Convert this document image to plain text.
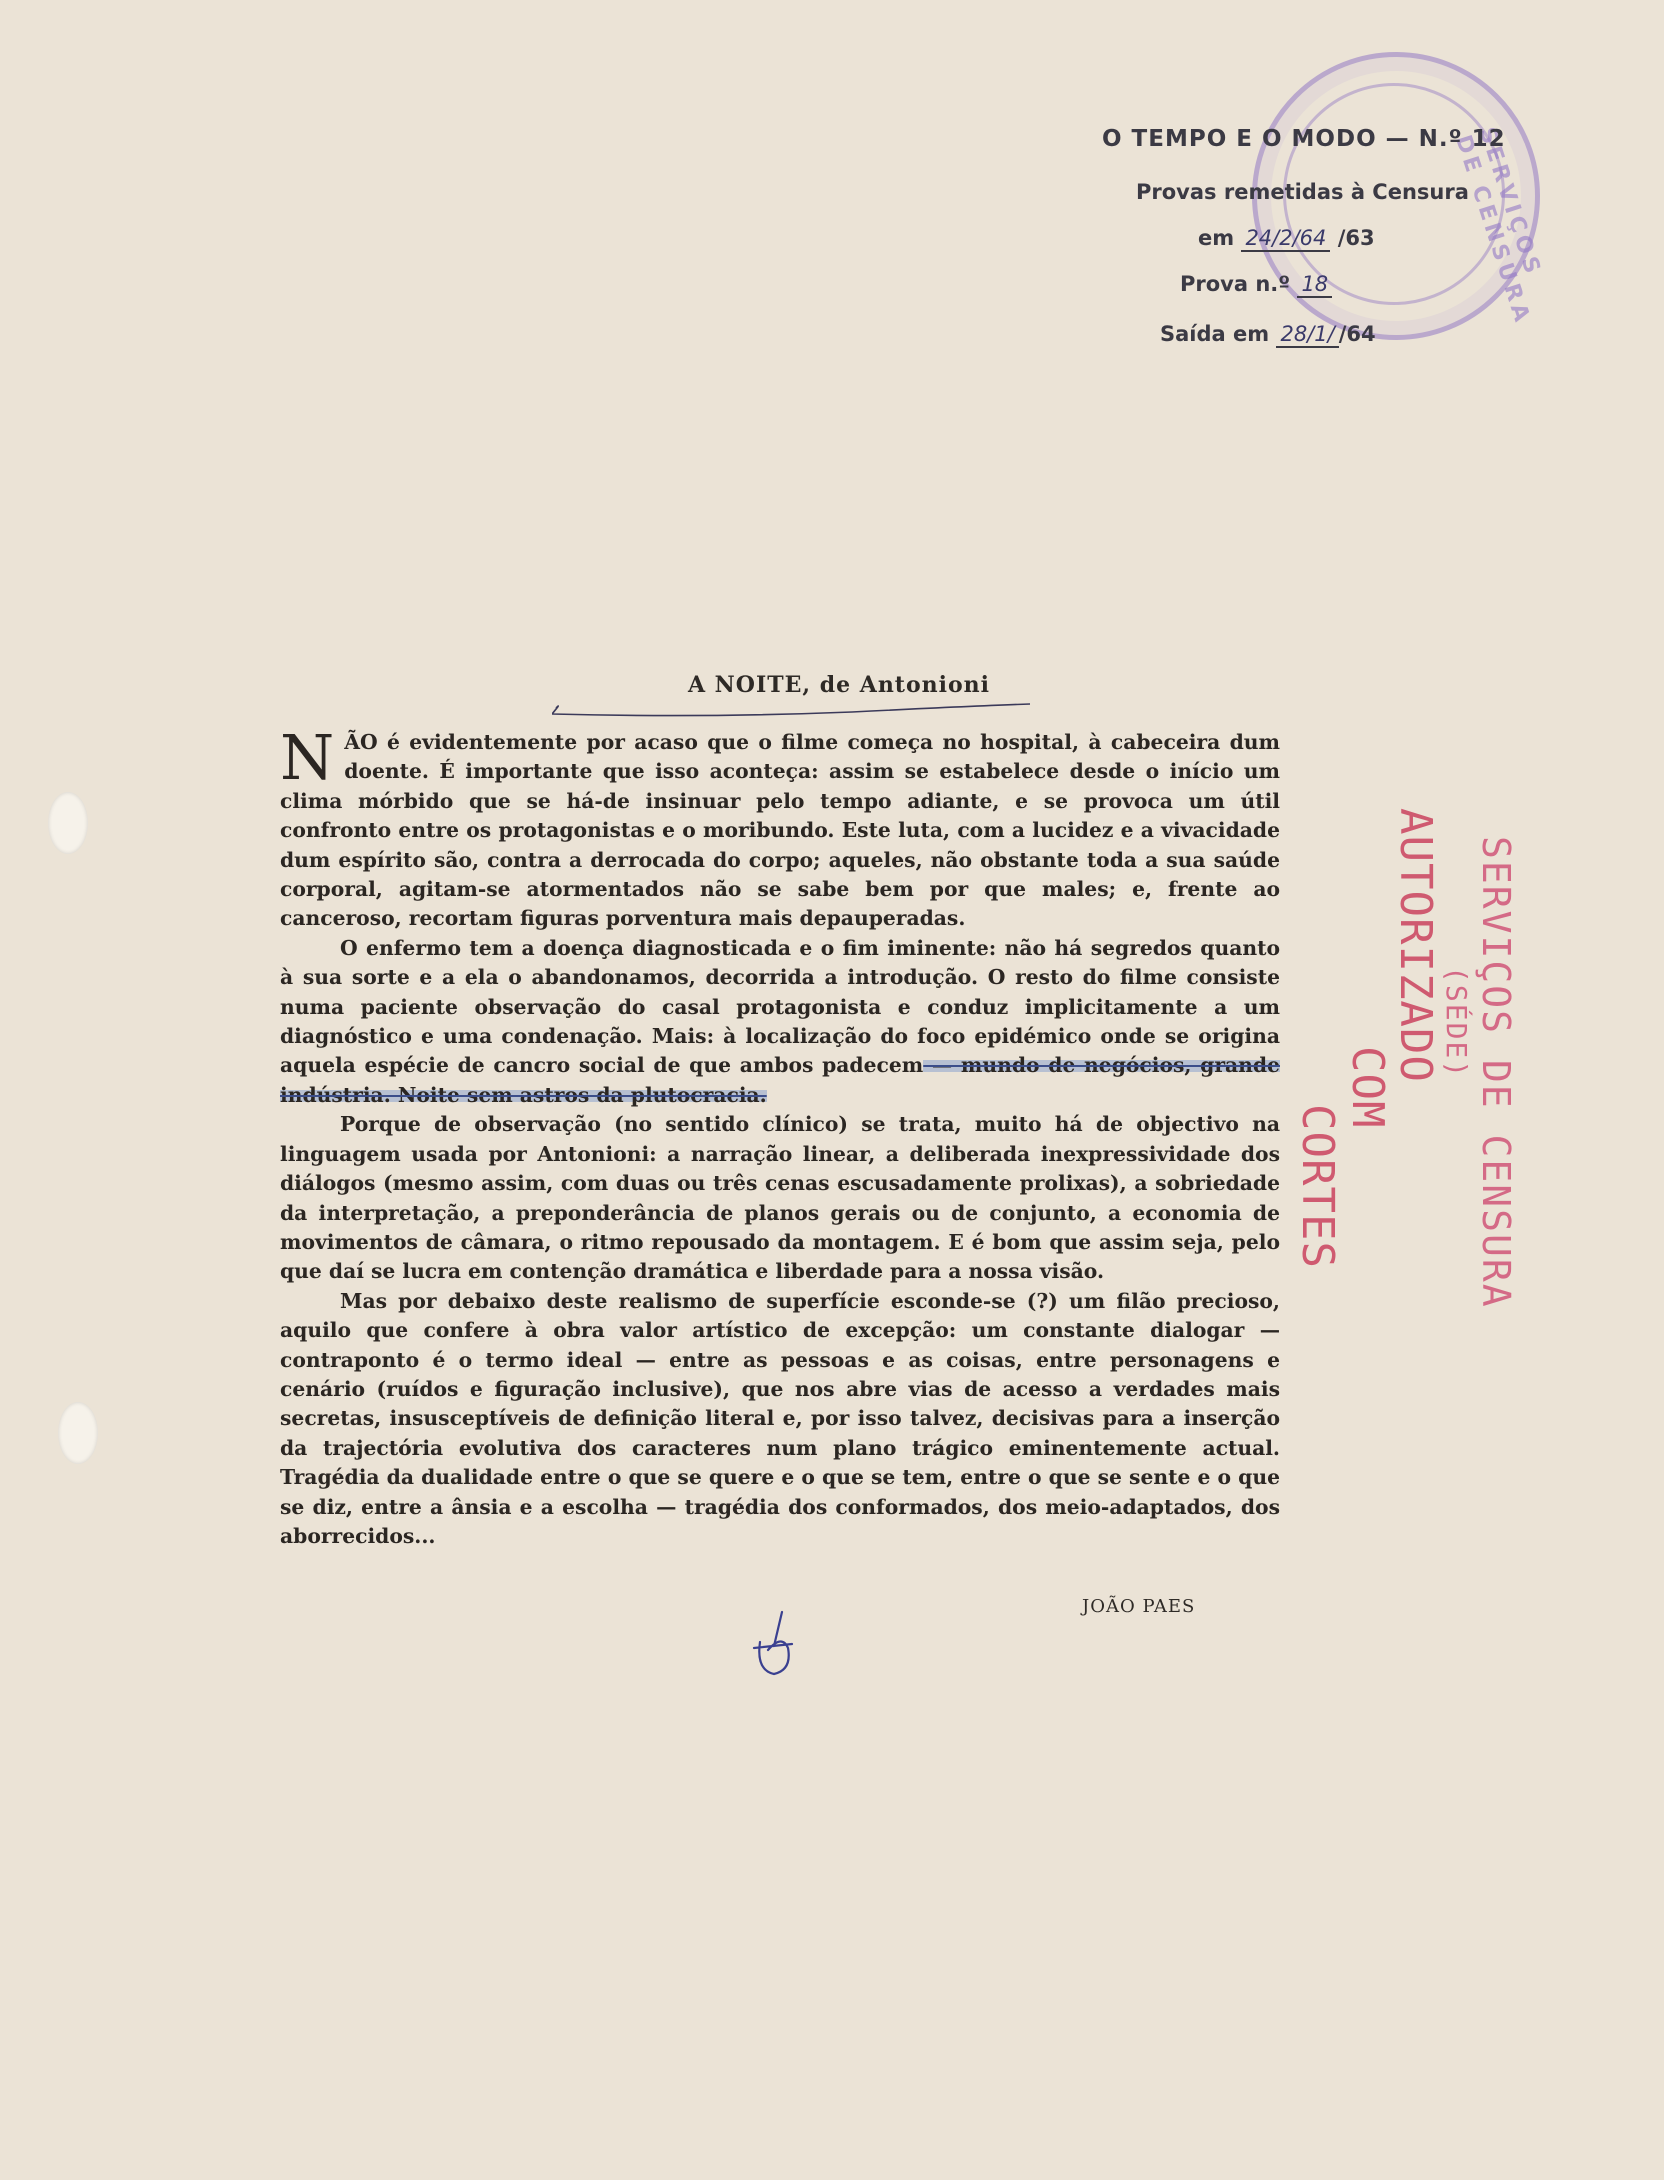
SERVIÇOS DE CENSURA
O TEMPO E O MODO — N.º 12
Provas remetidas à Censura
em 24/2/64 /63
Prova n.º 18
Saída em 28/1/ /64
A NOITE, de Antonioni

NÃO é evidentemente por acaso que o filme começa no hospital, à cabeceira dum doente. É importante que isso aconteça: assim se estabelece desde o início um clima mórbido que se há-de insinuar pelo tempo adiante, e se provoca um útil confronto entre os protagonistas e o moribundo. Este luta, com a lucidez e a vivacidade dum espírito são, contra a derrocada do corpo; aqueles, não obstante toda a sua saúde corporal, agitam-se atormentados não se sabe bem por que males; e, frente ao canceroso, recortam figuras porventura mais depauperadas.

O enfermo tem a doença diagnosticada e o fim iminente: não há segredos quanto à sua sorte e a ela o abandonamos, decorrida a introdução. O resto do filme consiste numa paciente observação do casal protagonista e conduz implicitamente a um diagnóstico e uma condenação. Mais: à localização do foco epidémico onde se origina aquela espécie de cancro social de que ambos padecem — mundo de negócios, grande indústria. Noite sem astros da plutocracia.

Porque de observação (no sentido clínico) se trata, muito há de objectivo na linguagem usada por Antonioni: a narração linear, a deliberada inexpressividade dos diálogos (mesmo assim, com duas ou três cenas escusadamente prolixas), a sobriedade da interpretação, a preponderância de planos gerais ou de conjunto, a economia de movimentos de câmara, o ritmo repousado da montagem. E é bom que assim seja, pelo que daí se lucra em contenção dramática e liberdade para a nossa visão.

Mas por debaixo deste realismo de superfície esconde-se (?) um filão precioso, aquilo que confere à obra valor artístico de excepção: um constante dialogar — contraponto é o termo ideal — entre as pessoas e as coisas, entre personagens e cenário (ruídos e figuração inclusive), que nos abre vias de acesso a verdades mais secretas, insusceptíveis de definição literal e, por isso talvez, decisivas para a inserção da trajectória evolutiva dos caracteres num plano trágico eminentemente actual. Tragédia da dualidade entre o que se quere e o que se tem, entre o que se sente e o que se diz, entre a ânsia e a escolha — tragédia dos conformados, dos meio-adaptados, dos aborrecidos...

JOÃO PAES
SERVIÇOS DE CENSURA
(SÉDE)
AUTORIZADO
COM
CORTES
